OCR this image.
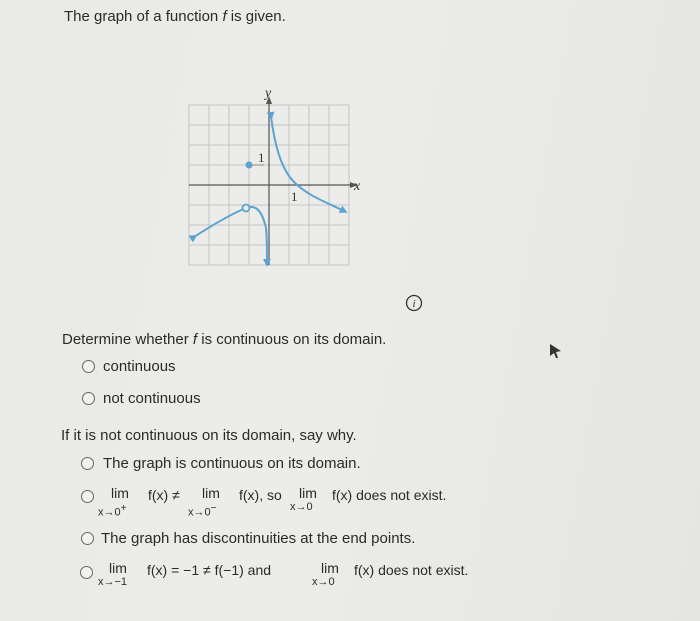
The graph of a function f is given.
x
y
1
1
i
Determine whether f is continuous on its domain.
continuous
not continuous
If it is not continuous on its domain, say why.
The graph is continuous on its domain.
lim
x→0+
f(x) ≠ lim
x→0−
f(x), so lim
x→0
f(x) does not exist.
The graph has discontinuities at the end points.
lim
x→−1
f(x) = −1 ≠ f(−1) and	lim
x→0
f(x) does not exist.
